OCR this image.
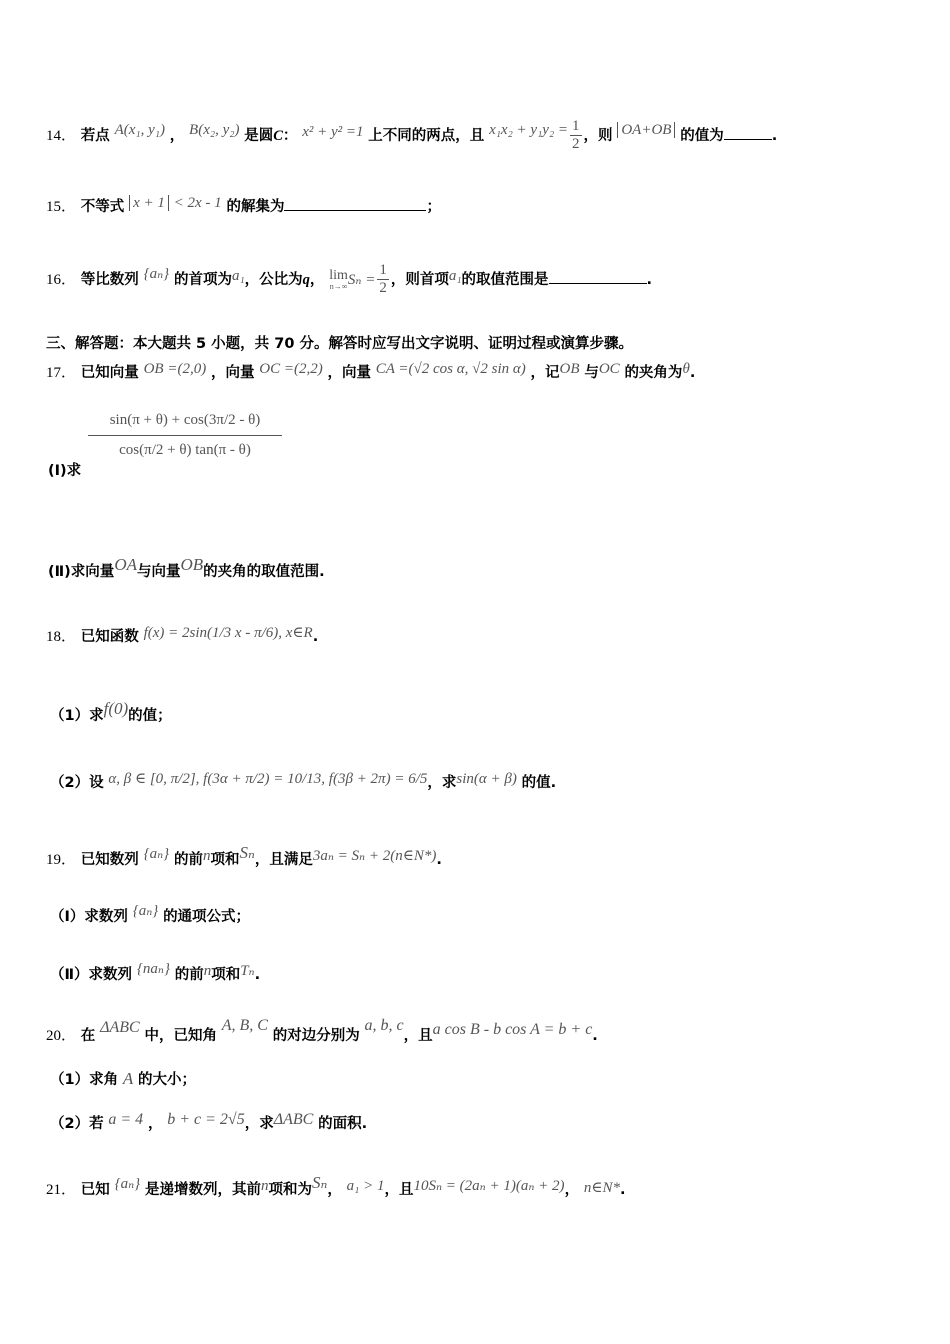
14． 若点 A(x₁, y₁) ， B(x₂, y₂) 是圆C： x² + y² =1 上不同的两点，且 $x_1x_2 + y_1y_2 = \frac{1}{2}$ ，则 OA+OB 的值为	.
15． 不等式 x + 1 < 2x - 1 的解集为	；
16． 等比数列 {aₙ} 的首项为a₁，公比为q， lim
n→∞ $S_n = \frac{1}{2}$ ，则首项a₁的取值范围是	.
三、解答题：本大题共 5 小题，共 70 分。解答时应写出文字说明、证明过程或演算步骤。
17． 已知向量 OB =(2,0) ，向量 OC =(2,2) ，向量 CA =(√2 cos α, √2 sin α) ，记OB 与OC 的夹角为θ.
(Ⅰ)求
$\frac{\sin(\pi + \theta) + \cos(3\pi/2 - \theta)}{\cos(\pi/2 + \theta) \tan(\pi - \theta)}$
(Ⅱ)求向量OA与向量OB的夹角的取值范围.
18． 已知函数 f(x) = 2sin(1/3 x - π/6), x∈R.
（1）求f(0)的值；
（2）设 α, β ∈ [0, π/2], f(3α + π/2) = 10/13, f(3β + 2π) = 6/5，求sin(α + β) 的值.
19． 已知数列 {aₙ} 的前n项和Sₙ，且满足3aₙ = Sₙ + 2(n∈N*).
（Ⅰ）求数列 {aₙ} 的通项公式；
（Ⅱ）求数列 {naₙ} 的前n项和Tₙ.
20． 在 ΔABC 中，已知角 A, B, C 的对边分别为 a, b, c，且a cos B - b cos A = b + c.
（1）求角 A 的大小；
（2）若 a = 4 ， b + c = 2√5，求ΔABC 的面积.
21． 已知 {aₙ} 是递增数列，其前n项和为Sₙ， a₁ > 1，且10Sₙ = (2aₙ + 1)(aₙ + 2)， n∈N*.
